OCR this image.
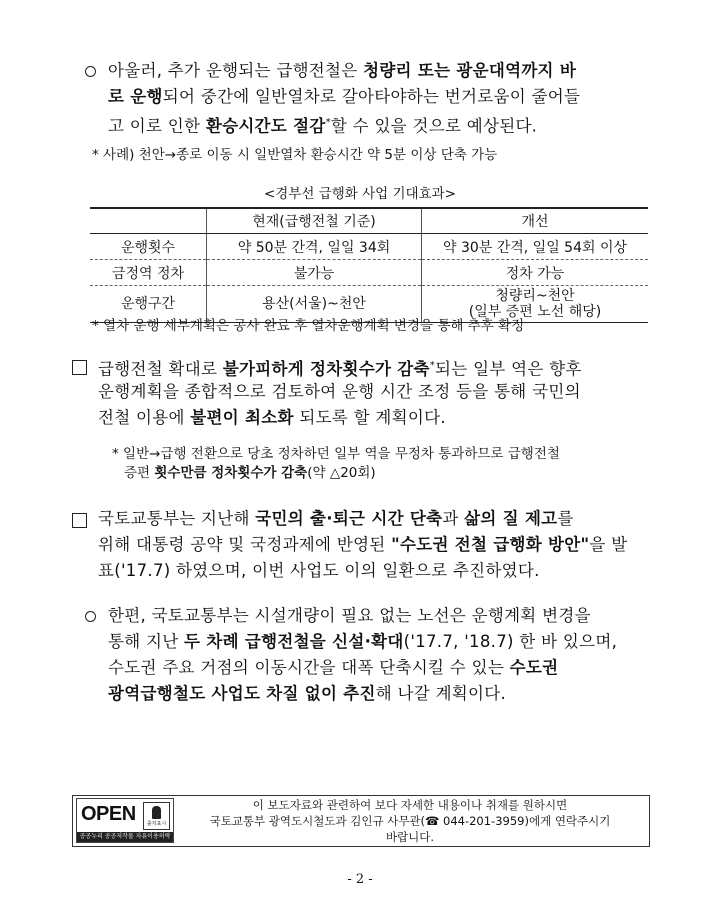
아울러, 추가 운행되는 급행전철은 청량리 또는 광운대역까지 바
로 운행되어 중간에 일반열차로 갈아타야하는 번거로움이 줄어들
고 이로 인한 환승시간도 절감*할 수 있을 것으로 예상된다.
* 사례) 천안→종로 이동 시 일반열차 환승시간 약 5분 이상 단축 가능
<경부선 급행화 사업 기대효과>
	현재(급행전철 기준)	개선
운행횟수	약 50분 간격, 일일 34회	약 30분 간격, 일일 54회 이상
금정역 정차	불가능	정차 가능
운행구간	용산(서울)~천안	청량리~천안
(일부 증편 노선 해당)
* 열차 운행 세부계획은 공사 완료 후 열차운행계획 변경을 통해 추후 확정
급행전철 확대로 불가피하게 정차횟수가 감축*되는 일부 역은 향후
운행계획을 종합적으로 검토하여 운행 시간 조정 등을 통해 국민의
전철 이용에 불편이 최소화 되도록 할 계획이다.
* 일반→급행 전환으로 당초 정차하던 일부 역을 무정차 통과하므로 급행전철
증편 횟수만큼 정차횟수가 감축(약 △20회)
국토교통부는 지난해 국민의 출·퇴근 시간 단축과 삶의 질 제고를
위해 대통령 공약 및 국정과제에 반영된 "수도권 전철 급행화 방안"을 발
표('17.7) 하였으며, 이번 사업도 이의 일환으로 추진하였다.
한편, 국토교통부는 시설개량이 필요 없는 노선은 운행계획 변경을
통해 지난 두 차례 급행전철을 신설·확대('17.7, '18.7) 한 바 있으며,
수도권 주요 거점의 이동시간을 대폭 단축시킬 수 있는 수도권
광역급행철도 사업도 차질 없이 추진해 나갈 계획이다.
OPEN	출처표시
공공누리 공공저작물 자유이용허락
이 보도자료와 관련하여 보다 자세한 내용이나 취재를 원하시면
국토교통부 광역도시철도과 김인규 사무관(☎ 044-201-3959)에게 연락주시기
바랍니다.
- 2 -
